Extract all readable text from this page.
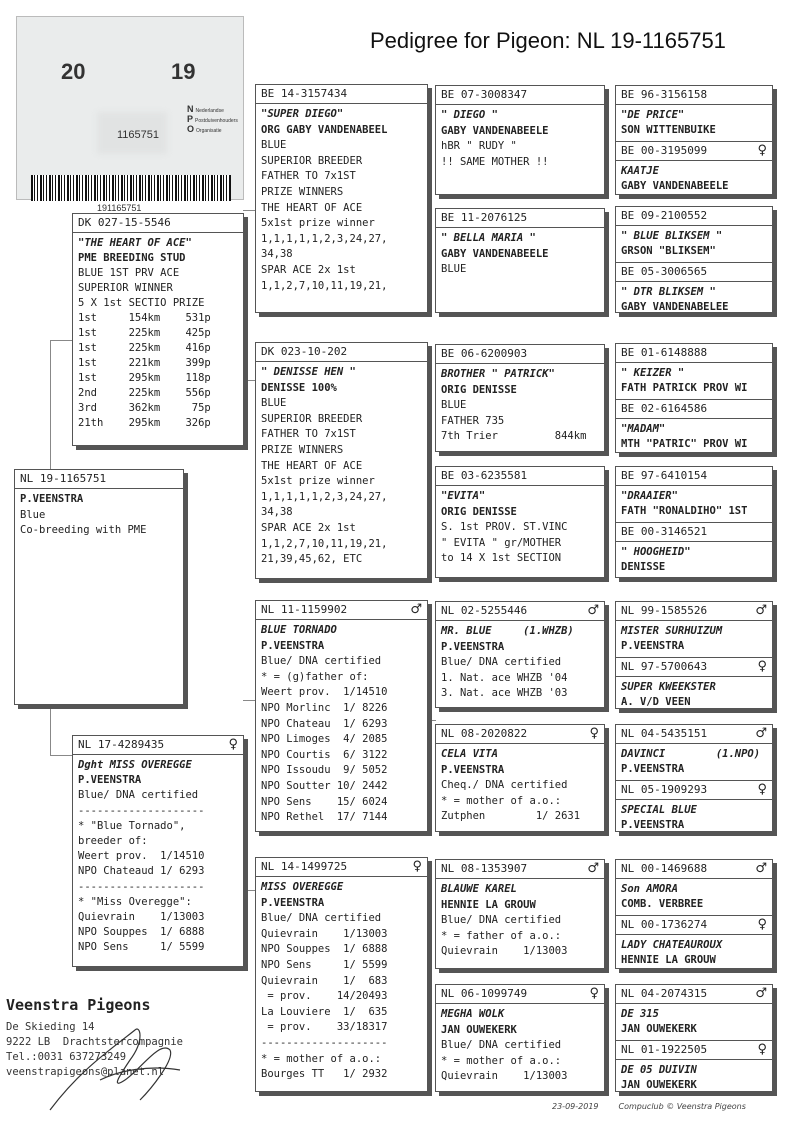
Pedigree for Pigeon: NL 19-1165751
20	19
1165751
N Nederlandse
P Postduivenhouders
O Organisatie
191165751
NL 19-1165751
P.VEENSTRA
Blue
Co-breeding with PME
DK 027-15-5546
"THE HEART OF ACE"
PME BREEDING STUD
BLUE 1ST PRV ACE
SUPERIOR WINNER
5 X 1st SECTIO PRIZE
1st     154km    531p
1st     225km    425p
1st     225km    416p
1st     221km    399p
1st     295km    118p
2nd     225km    556p
3rd     362km     75p
21th    295km    326p
NL 17-4289435	♀
Dght MISS OVEREGGE
P.VEENSTRA
Blue/ DNA certified
--------------------
* "Blue Tornado",
breeder of:
Weert prov.  1/14510
NPO Chateaud 1/ 6293
--------------------
* "Miss Overegge":
Quievrain    1/13003
NPO Souppes  1/ 6888
NPO Sens     1/ 5599
BE 14-3157434
"SUPER DIEGO"
ORG GABY VANDENABEEL
BLUE
SUPERIOR BREEDER
FATHER TO 7x1ST
PRIZE WINNERS
THE HEART OF ACE
5x1st prize winner
1,1,1,1,1,2,3,24,27,
34,38
SPAR ACE 2x 1st
1,1,2,7,10,11,19,21,
DK 023-10-202
" DENISSE HEN "
DENISSE 100%
BLUE
SUPERIOR BREEDER
FATHER TO 7x1ST
PRIZE WINNERS
THE HEART OF ACE
5x1st prize winner
1,1,1,1,1,2,3,24,27,
34,38
SPAR ACE 2x 1st
1,1,2,7,10,11,19,21,
21,39,45,62, ETC
NL 11-1159902	♂
BLUE TORNADO
P.VEENSTRA
Blue/ DNA certified
* = (g)father of:
Weert prov.  1/14510
NPO Morlinc  1/ 8226
NPO Chateau  1/ 6293
NPO Limoges  4/ 2085
NPO Courtis  6/ 3122
NPO Issoudu  9/ 5052
NPO Soutter 10/ 2442
NPO Sens    15/ 6024
NPO Rethel  17/ 7144
NL 14-1499725	♀
MISS OVEREGGE
P.VEENSTRA
Blue/ DNA certified
Quievrain    1/13003
NPO Souppes  1/ 6888
NPO Sens     1/ 5599
Quievrain    1/  683
= prov.    14/20493
La Louviere  1/  635
= prov.    33/18317
--------------------
* = mother of a.o.:
Bourges TT   1/ 2932
BE 07-3008347
" DIEGO "
GABY VANDENABEELE
hBR " RUDY "
!! SAME MOTHER !!
BE 11-2076125
" BELLA MARIA "
GABY VANDENABEELE
BLUE
BE 06-6200903
BROTHER " PATRICK"
ORIG DENISSE
BLUE
FATHER 735
7th Trier         844km
BE 03-6235581
"EVITA"
ORIG DENISSE
S. 1st PROV. ST.VINC
" EVITA " gr/MOTHER
to 14 X 1st SECTION
NL 02-5255446	♂
MR. BLUE     (1.WHZB)
P.VEENSTRA
Blue/ DNA certified
1. Nat. ace WHZB '04
3. Nat. ace WHZB '03
NL 08-2020822	♀
CELA VITA
P.VEENSTRA
Cheq./ DNA certified
* = mother of a.o.:
Zutphen        1/ 2631
NL 08-1353907	♂
BLAUWE KAREL
HENNIE LA GROUW
Blue/ DNA certified
* = father of a.o.:
Quievrain    1/13003
NL 06-1099749	♀
MEGHA WOLK
JAN OUWEKERK
Blue/ DNA certified
* = mother of a.o.:
Quievrain    1/13003
BE 96-3156158
"DE PRICE"
SON WITTENBUIKE
BE 00-3195099	♀
KAATJE
GABY VANDENABEELE
BE 09-2100552
" BLUE BLIKSEM "
GRSON "BLIKSEM"
BE 05-3006565
" DTR BLIKSEM "
GABY VANDENABELEE
BE 01-6148888
" KEIZER "
FATH PATRICK PROV WI
BE 02-6164586
"MADAM"
MTH "PATRIC" PROV WI
BE 97-6410154
"DRAAIER"
FATH "RONALDIHO" 1ST
BE 00-3146521
" HOOGHEID"
DENISSE
NL 99-1585526	♂
MISTER SURHUIZUM
P.VEENSTRA
NL 97-5700643	♀
SUPER KWEEKSTER
A. V/D VEEN
NL 04-5435151	♂
DAVINCI        (1.NPO)
P.VEENSTRA
NL 05-1909293	♀
SPECIAL BLUE
P.VEENSTRA
NL 00-1469688	♂
Son AMORA
COMB. VERBREE
NL 00-1736274	♀
LADY CHATEAUROUX
HENNIE LA GROUW
NL 04-2074315	♂
DE 315
JAN OUWEKERK
NL 01-1922505	♀
DE 05 DUIVIN
JAN OUWEKERK
Veenstra Pigeons
De Skieding 14
9222 LB  Drachtstercompagnie
Tel.:0031 637273249
veenstrapigeons@planet.nl
23-09-2019	Compuclub © Veenstra Pigeons
